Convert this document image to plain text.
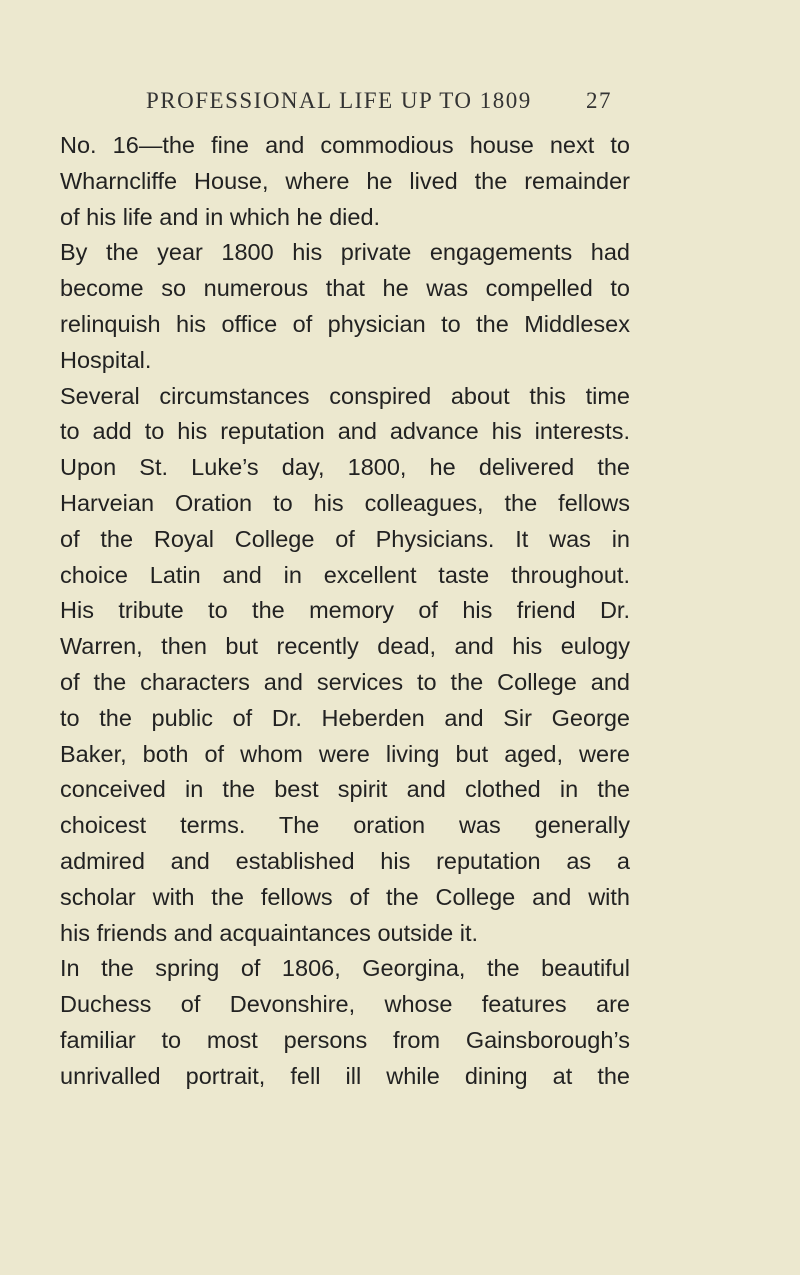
PROFESSIONAL LIFE UP TO 1809 27

No. 16—the fine and commodious house next to
Wharncliffe House, where he lived the remainder
of his life and in which he died.

By the year 1800 his private engagements had
become so numerous that he was compelled to
relinquish his office of physician to the Middlesex
Hospital.

Several circumstances conspired about this time
to add to his reputation and advance his interests.
Upon St. Luke’s day, 1800, he delivered the
Harveian Oration to his colleagues, the fellows
of the Royal College of Physicians. It was in
choice Latin and in excellent taste throughout.
His tribute to the memory of his friend Dr.
Warren, then but recently dead, and his eulogy
of the characters and services to the College and
to the public of Dr. Heberden and Sir George
Baker, both of whom were living but aged, were
conceived in the best spirit and clothed in the
choicest terms. The oration was generally
admired and established his reputation as a
scholar with the fellows of the College and with
his friends and acquaintances outside it.

In the spring of 1806, Georgina, the beautiful
Duchess of Devonshire, whose features are
familiar to most persons from Gainsborough’s
unrivalled portrait, fell ill while dining at the
